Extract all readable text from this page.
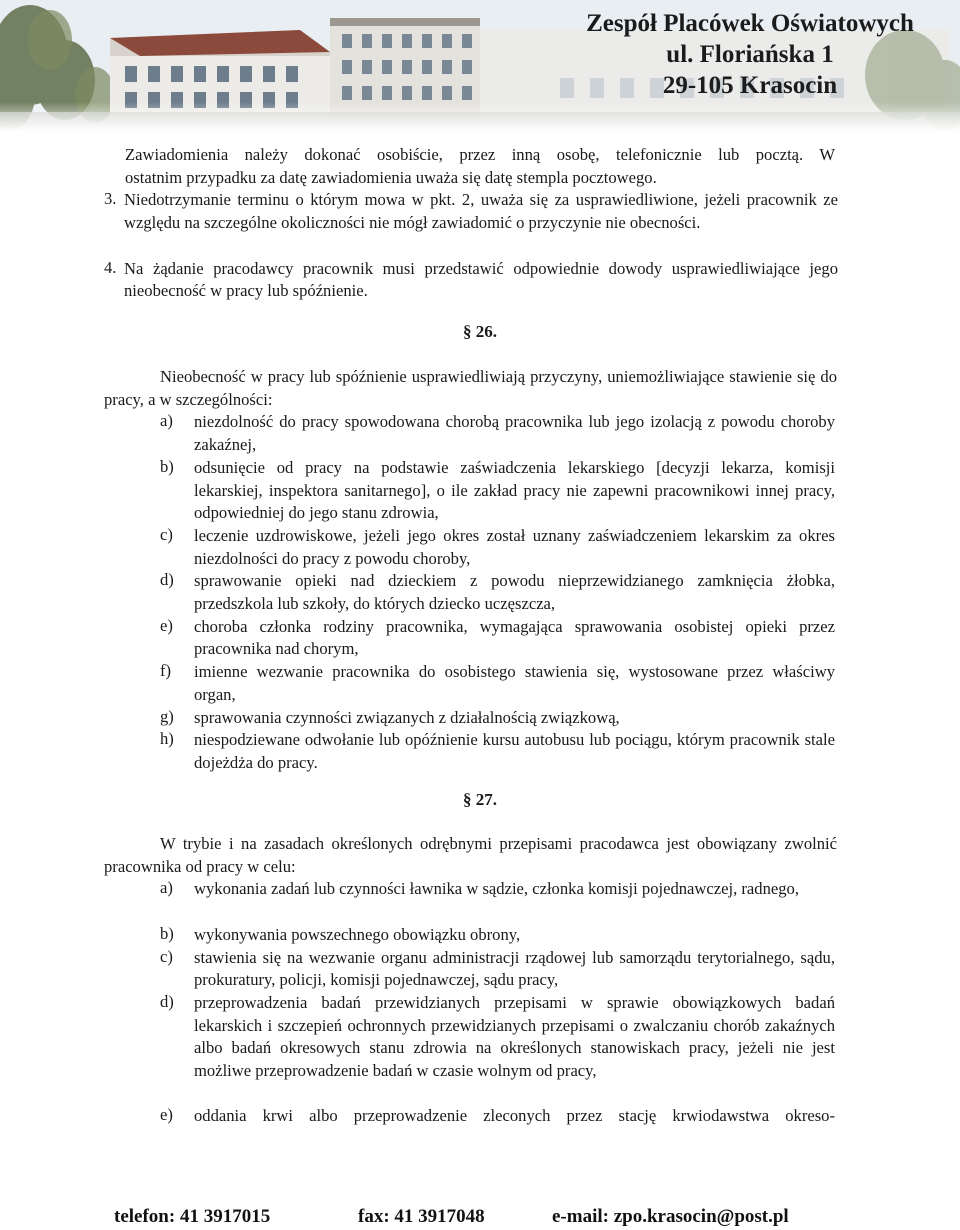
Zespół Placówek Oświatowych
ul. Floriańska 1
29-105 Krasocin

Zawiadomienia należy dokonać osobiście, przez inną osobę, telefonicznie lub pocztą. W

ostatnim przypadku za datę zawiadomienia uważa się datę stempla pocztowego.

3. Niedotrzymanie terminu o którym mowa w pkt. 2, uważa się za usprawiedliwione, jeżeli pracownik ze względu na szczególne okoliczności nie mógł zawiadomić o przyczynie nie obecności.

4. Na żądanie pracodawcy pracownik musi przedstawić odpowiednie dowody usprawiedliwiające jego nieobecność w pracy lub spóźnienie.

§ 26.

Nieobecność w pracy lub spóźnienie usprawiedliwiają przyczyny, uniemożliwiające stawienie się do pracy, a w szczególności:

a) niezdolność do pracy spowodowana chorobą pracownika lub jego izolacją z powodu choroby zakaźnej,

b) odsunięcie od pracy na podstawie zaświadczenia lekarskiego [decyzji lekarza, komisji lekarskiej, inspektora sanitarnego], o ile zakład pracy nie zapewni pracownikowi innej pracy, odpowiedniej do jego stanu zdrowia,

c) leczenie uzdrowiskowe, jeżeli jego okres został uznany zaświadczeniem lekarskim za okres niezdolności do pracy z powodu choroby,

d) sprawowanie opieki nad dzieckiem z powodu nieprzewidzianego zamknięcia żłobka, przedszkola lub szkoły, do których dziecko uczęszcza,

e) choroba członka rodziny pracownika, wymagająca sprawowania osobistej opieki przez pracownika nad chorym,

f) imienne wezwanie pracownika do osobistego stawienia się, wystosowane przez właściwy organ,

g) sprawowania czynności związanych z działalnością związkową,

h) niespodziewane odwołanie lub opóźnienie kursu autobusu lub pociągu, którym pracownik stale dojeżdża do pracy.

§ 27.

W trybie i na zasadach określonych odrębnymi przepisami pracodawca jest obowiązany zwolnić pracownika od pracy w celu:

a) wykonania zadań lub czynności ławnika w sądzie, członka komisji pojednawczej, radnego,

b) wykonywania powszechnego obowiązku obrony,

c) stawienia się na wezwanie organu administracji rządowej lub samorządu terytorialnego, sądu, prokuratury, policji, komisji pojednawczej, sądu pracy,

d) przeprowadzenia badań przewidzianych przepisami w sprawie obowiązkowych badań lekarskich i szczepień ochronnych przewidzianych przepisami o zwalczaniu chorób zakaźnych albo badań okresowych stanu zdrowia na określonych stanowiskach pracy, jeżeli nie jest możliwe przeprowadzenie badań w czasie wolnym od pracy,

e) oddania krwi albo przeprowadzenie zleconych przez stację krwiodawstwa okreso-

telefon: 41 3917015	fax: 41 3917048	e-mail: zpo.krasocin@post.pl
